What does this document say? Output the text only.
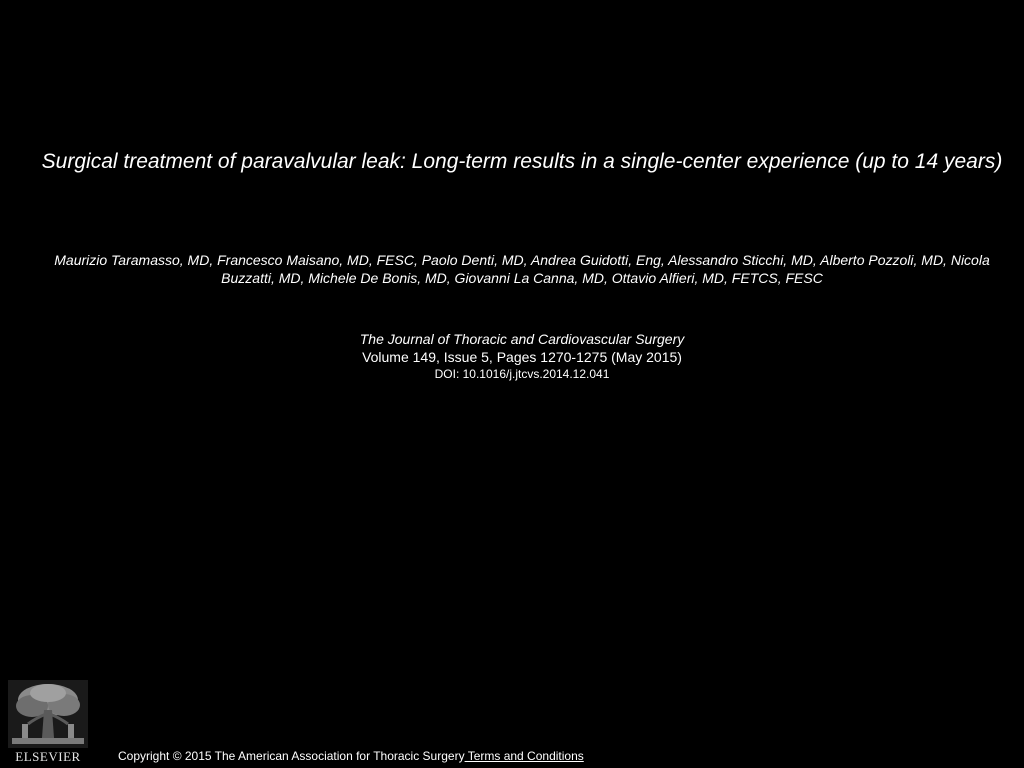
Surgical treatment of paravalvular leak: Long-term results in a single-center experience (up to 14 years)

Maurizio Taramasso, MD, Francesco Maisano, MD, FESC, Paolo Denti, MD, Andrea Guidotti, Eng, Alessandro Sticchi, MD, Alberto Pozzoli, MD, Nicola Buzzatti, MD, Michele De Bonis, MD, Giovanni La Canna, MD, Ottavio Alfieri, MD, FETCS, FESC

The Journal of Thoracic and Cardiovascular Surgery
Volume 149, Issue 5, Pages 1270-1275 (May 2015)
DOI: 10.1016/j.jtcvs.2014.12.041
ELSEVIER	Copyright © 2015 The American Association for Thoracic Surgery Terms and Conditions
